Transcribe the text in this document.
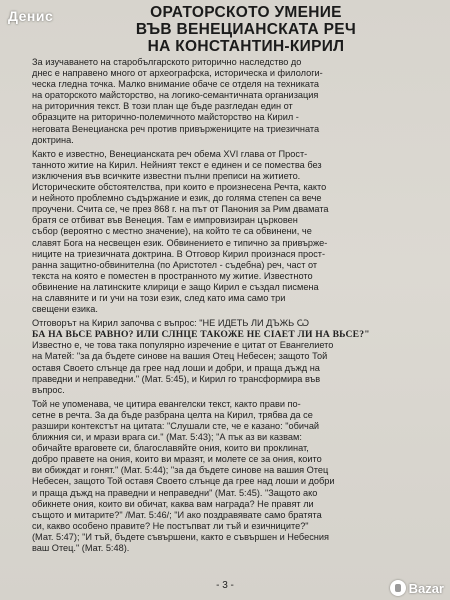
Денис	ОРАТОРСКОТО УМЕНИЕ
ВЪВ ВЕНЕЦИАНСКАТА РЕЧ
НА КОНСТАНТИН-КИРИЛ
За изучаването на старобългарското риторично наследство до
днес е направено много от археографска, историческа и филологи-
ческа гледна точка. Малко внимание обаче се отделя на техниката
на ораторското майсторство, на логико-семантичната организация
на риторичния текст. В този план ще бъде разгледан един от
образците на риторично-полемичното майсторство на Кирил -
неговата Венецианска реч против привържениците на триезичната
доктрина.
Както е известно, Венецианската реч обема XVI глава от Прост-
танното житие на Кирил. Нейният текст е единен и се помества без
изключения във всичките известни пълни преписи на житието.
Историческите обстоятелства, при които е произнесена Речта, както
и нейното проблемно съдържание и език, до голяма степен са вече
проучени. Счита се, че през 868 г. на път от Панония за Рим двамата
братя се отбиват във Венеция. Там е импровизиран църковен
събор (вероятно с местно значение), на който те са обвинени, че
славят Бога на несвещен език. Обвинението е типично за привърже-
ниците на триезичната доктрина. В Отговор Кирил произнася прост-
ранна защитно-обвинителна (по Аристотел - съдебна) реч, част от
текста на която е поместен в пространното му житие. Известното
обвинение на латинските клирици е защо Кирил е създал писмена
на славяните и ги учи на този език, след като има само три
свещени езика.
Отговорът на Кирил започва с въпрос: "НЕ ИДЕТЬ ЛИ ДЪЖЬ Ѡ
БА НА ВЬСЕ РАВНО? ИЛИ СЛНЦЕ ТАКОЖЕ НЕ СІАЕТ ЛИ НА ВЬСЕ?"
Известно е, че това така популярно изречение е цитат от Евангелието
на Матей: "за да бъдете синове на вашия Отец Небесен; защото Той
оставя Своето слънце да грее над лоши и добри, и праща дъжд на
праведни и неправедни." (Мат. 5:45), и Кирил го трансформира във
въпрос.
Той не упоменава, че цитира евангелски текст, както прави по-
сетне в речта. За да бъде разбрана целта на Кирил, трябва да се
разшири контекстът на цитата: "Слушали сте, че е казано: "обичай
ближния си, и мрази врага си." (Мат. 5:43); "А пък аз ви казвам:
обичайте враговете си, благославяйте ония, които ви проклинат,
добро правете на ония, които ви мразят, и молете се за ония, които
ви обиждат и гонят." (Мат. 5:44); "за да бъдете синове на вашия Отец
Небесен, защото Той оставя Своето слънце да грее над лоши и добри
и праща дъжд на праведни и неправедни" (Мат. 5:45). "Защото ако
обикнете ония, които ви обичат, каква вам награда? Не правят ли
същото и митарите?" /Мат. 5:46/; "И ако поздравявате само братята
си, какво особено правите? Не постъпват ли тъй и езичниците?"
(Мат. 5:47); "И тъй, бъдете съвършени, както е съвършен и Небесния
ваш Отец." (Мат. 5:48).
- 3 -	Bazar
